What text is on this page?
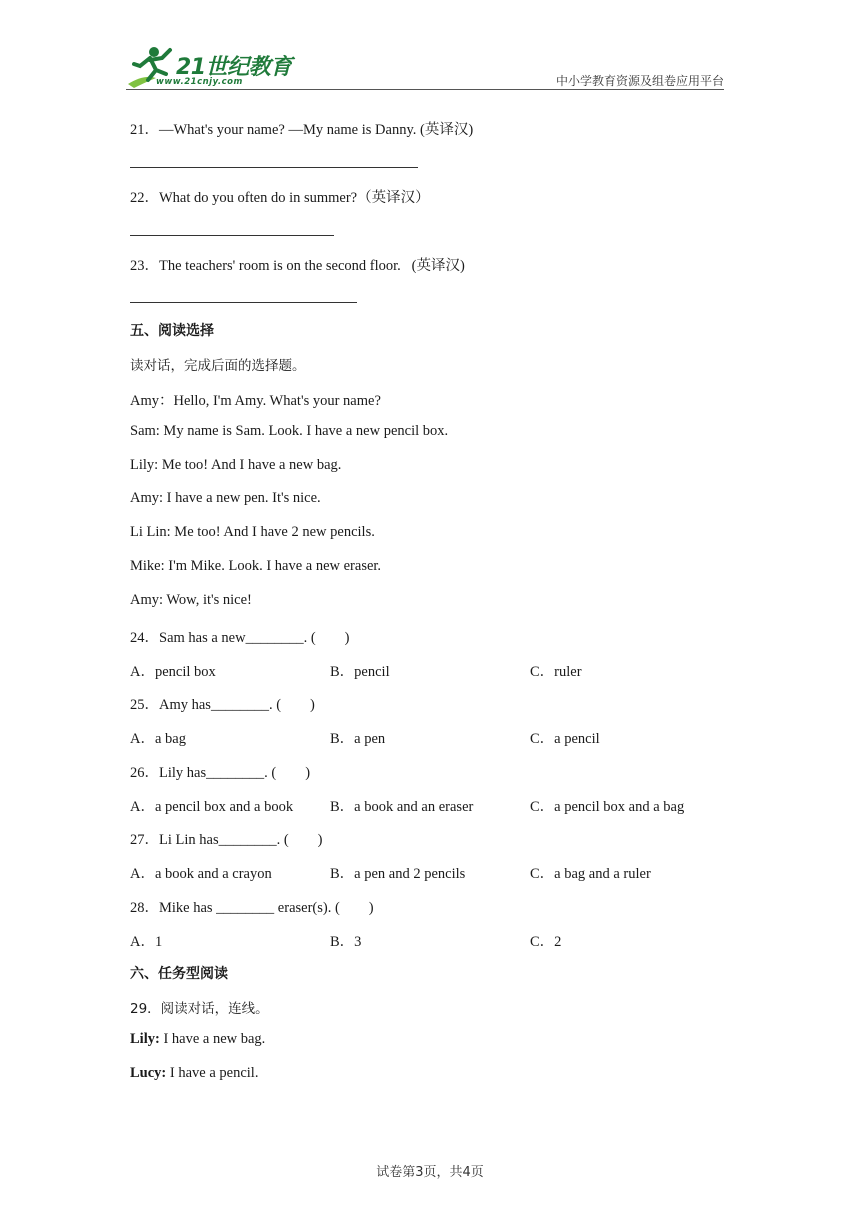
21世纪教育
www.21cnjy.com	中小学教育资源及组卷应用平台
21．—What's your name? —My name is Danny. (英译汉)
22．What do you often do in summer?（英译汉）
23．The teachers' room is on the second floor.   (英译汉)
五、阅读选择
读对话，完成后面的选择题。
Amy：Hello, I'm Amy. What's your name?
Sam: My name is Sam. Look. I have a new pencil box.
Lily: Me too! And I have a new bag.
Amy: I have a new pen. It's nice.
Li Lin: Me too! And I have 2 new pencils.
Mike: I'm Mike. Look. I have a new eraser.
Amy: Wow, it's nice!
24．Sam has a new________. (        )
A．pencil box	B．pencil	C．ruler
25．Amy has________. (        )
A．a bag	B．a pen	C．a pencil
26．Lily has________. (        )
A．a pencil box and a book	B．a book and an eraser	C．a pencil box and a bag
27．Li Lin has________. (        )
A．a book and a crayon	B．a pen and 2 pencils	C．a bag and a ruler
28．Mike has ________ eraser(s). (        )
A．1	B．3	C．2
六、任务型阅读
29．阅读对话，连线。
Lily: I have a new bag.
Lucy: I have a pencil.
试卷第3页，共4页
